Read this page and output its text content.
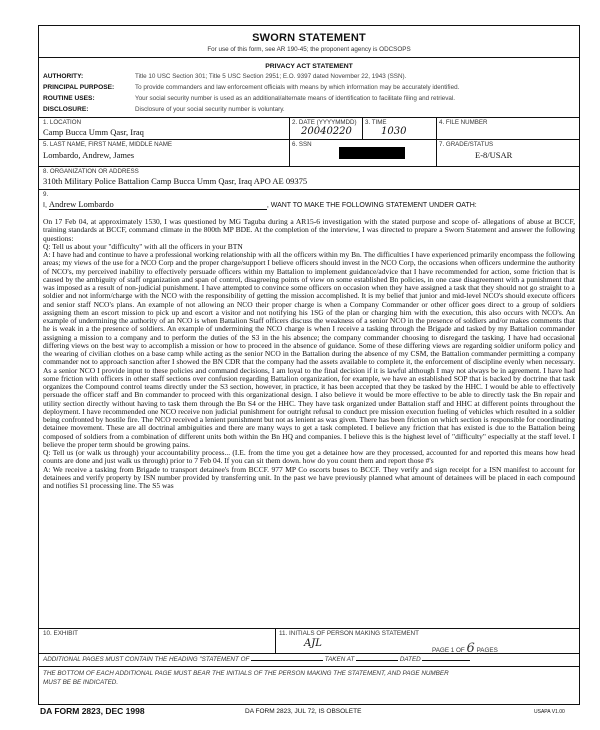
SWORN STATEMENT
For use of this form, see AR 190-45; the proponent agency is ODCSOPS
PRIVACY ACT STATEMENT
AUTHORITY:	Title 10 USC Section 301; Title 5 USC Section 2951; E.O. 9397 dated November 22, 1943 (SSN).
PRINCIPAL PURPOSE:	To provide commanders and law enforcement officials with means by which information may be accurately identified.
ROUTINE USES:	Your social security number is used as an additional/alternate means of identification to facilitate filing and retrieval.
DISCLOSURE:	Disclosure of your social security number is voluntary.
1. LOCATION
Camp Bucca Umm Qasr, Iraq
2. DATE (YYYYMMDD)
20040220
3. TIME
1030
4. FILE NUMBER
5. LAST NAME, FIRST NAME, MIDDLE NAME
Lombardo, Andrew, James
6. SSN	7. GRADE/STATUS
E-8/USAR
8. ORGANIZATION OR ADDRESS
310th Military Police Battalion Camp Bucca Umm Qasr, Iraq APO AE 09375
9.
I, Andrew Lombardo	, WANT TO MAKE THE FOLLOWING STATEMENT UNDER OATH:

On 17 Feb 04, at approximately 1530, I was questioned by MG Taguba during a AR15-6 investigation with the stated purpose and scope of- allegations of abuse at BCCF, training standards at BCCF, command climate in the 800th MP BDE. At the completion of the interview, I was directed to prepare a Sworn Statement and answer the following questions:

Q: Tell us about your "difficulty" with all the officers in your BTN

A: I have had and continue to have a professional working relationship with all the officers within my Bn. The difficulties I have experienced primarily encompass the following areas; my views of the use for a NCO Corp and the proper charge/support I believe officers should invest in the NCO Corp, the occasions when officers undermine the authority of NCO's, my perceived inability to effectively persuade officers within my Battalion to implement guidance/advice that I have recommended for action, some friction that is caused by the ambiguity of staff organization and span of control, disagreeing points of view on some established Bn policies, in one case disagreement with a punishment that was imposed as a result of non-judicial punishment. I have attempted to convince some officers on occasion when they have assigned a task that they should not go straight to a soldier and not inform/charge with the NCO with the responsibility of getting the mission accomplished. It is my belief that junior and mid-level NCO's should execute officers and senior staff NCO's plans. An example of not allowing an NCO their proper charge is when a Company Commander or other officer goes direct to a group of soldiers assigning them an escort mission to pick up and escort a visitor and not notifying his 1SG of the plan or charging him with the execution, this also occurs with NCO's. An example of undermining the authority of an NCO is when Battalion Staff officers discuss the weakness of a senior NCO in the presence of soldiers and/or makes comments that he is weak in a the presence of soldiers. An example of undermining the NCO charge is when I receive a tasking through the Brigade and tasked by my Battalion commander assigning a mission to a company and to perform the duties of the S3 in the his absence; the company commander choosing to disregard the tasking. I have had occasional differing views on the best way to accomplish a mission or how to proceed in the absence of guidance. Some of these differing views are regarding soldier uniform policy and the wearing of civilian clothes on a base camp while acting as the senior NCO in the Battalion during the absence of my CSM, the Battalion commander permitting a company commander not to approach sanction after I showed the BN CDR that the company had the assets available to complete it, the enforcement of discipline evenly when necessary. As a senior NCO I provide input to these policies and command decisions, I am loyal to the final decision if it is lawful although I may not always be in agreement. I have had some friction with officers in other staff sections over confusion regarding Battalion organization, for example, we have an established SOP that is backed by doctrine that task organizes the Compound control teams directly under the S3 section, however, in practice, it has been accepted that they be tasked by the HHC. I would be able to effectively persuade the officer staff and Bn commander to proceed with this organizational design. I also believe it would be more effective to be able to directly task the Bn repair and utility section directly without having to task them through the Bn S4 or the HHC. They have task organized under Battalion staff and HHC at different points throughout the deployment. I have recommended one NCO receive non judicial punishment for outright refusal to conduct pre mission execution fueling of vehicles which resulted in a soldier being confronted by hostile fire. The NCO received a lenient punishment but not as lenient as was given. There has been friction on which section is responsible for coordinating detainee movement. These are all doctrinal ambiguities and there are many ways to get a task completed. I believe any friction that has existed is due to the Battalion being composed of soldiers from a combination of different units both within the Bn HQ and companies. I believe this is the highest level of "difficulty" especially at the staff level. I believe the proper term should be growing pains.

Q: Tell us (or walk us through) your accountability process... (I.E. from the time you get a detainee how are they processed, accounted for and reported this means how head counts are done and just walk us through) prior to 7 Feb 04. If you can sit them down. how do you count them and report those #'s

A: We receive a tasking from Brigade to transport detainee's from BCCF. 977 MP Co escorts buses to BCCF. They verify and sign receipt for a ISN manifest to account for detainees and verify property by ISN number provided by transferring unit. In the past we have previously planned what amount of detainees will be placed in each compound and notifies S1 processing line. The S5 was

10. EXHIBIT	11. INITIALS OF PERSON MAKING STATEMENT
AJL
PAGE 1 OF 6 PAGES
ADDITIONAL PAGES MUST CONTAIN THE HEADING "STATEMENT OF	TAKEN AT	DATED
THE BOTTOM OF EACH ADDITIONAL PAGE MUST BEAR THE INITIALS OF THE PERSON MAKING THE STATEMENT, AND PAGE NUMBER
MUST BE BE INDICATED.
DA FORM 2823, DEC 1998	DA FORM 2823, JUL 72, IS OBSOLETE	USAPA V1.00
